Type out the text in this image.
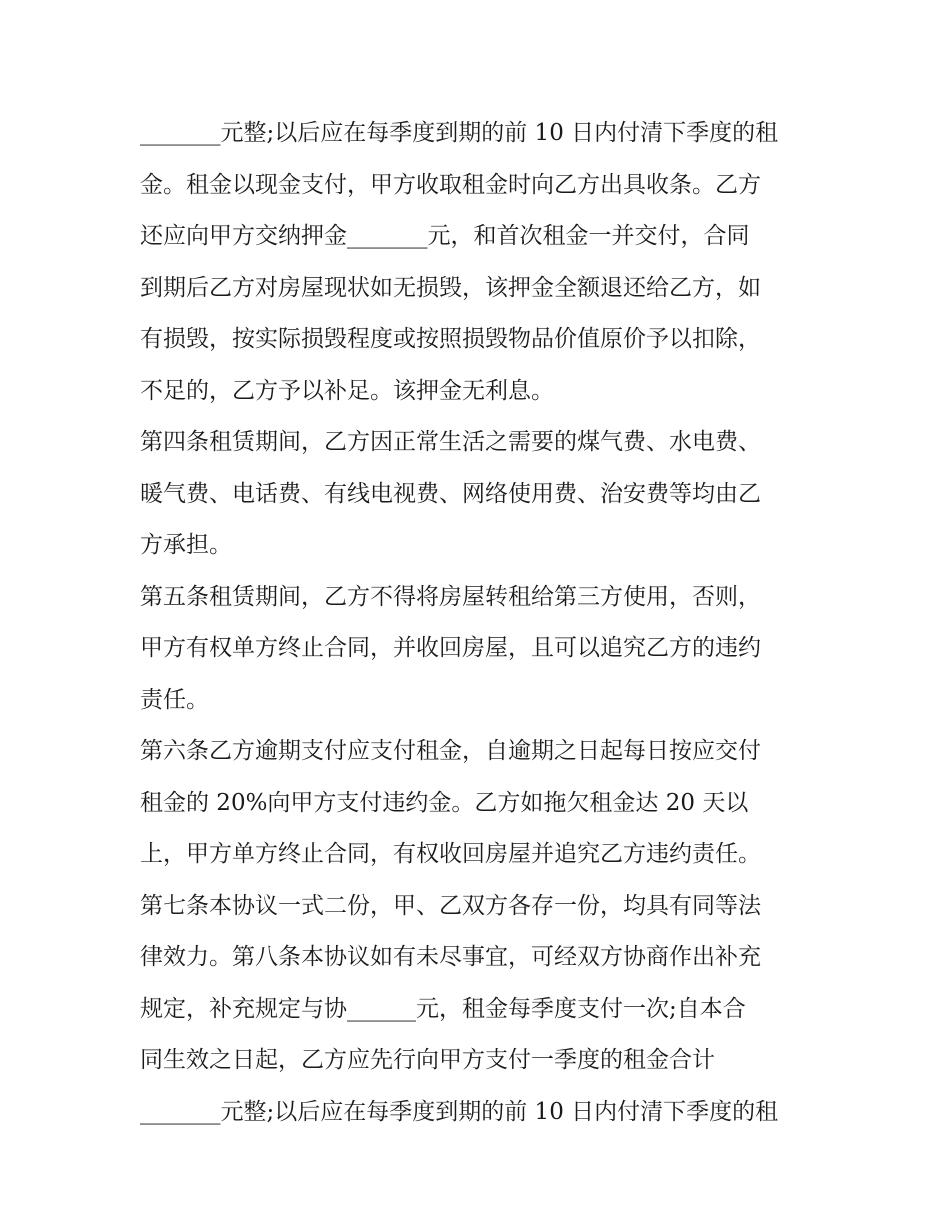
_______元整;以后应在每季度到期的前 10 日内付清下季度的租
金。租金以现金支付，甲方收取租金时向乙方出具收条。乙方
还应向甲方交纳押金_______元，和首次租金一并交付，合同
到期后乙方对房屋现状如无损毁，该押金全额退还给乙方，如
有损毁，按实际损毁程度或按照损毁物品价值原价予以扣除，
不足的，乙方予以补足。该押金无利息。
第四条租赁期间，乙方因正常生活之需要的煤气费、水电费、
暖气费、电话费、有线电视费、网络使用费、治安费等均由乙
方承担。
第五条租赁期间，乙方不得将房屋转租给第三方使用，否则，
甲方有权单方终止合同，并收回房屋，且可以追究乙方的违约
责任。
第六条乙方逾期支付应支付租金，自逾期之日起每日按应交付
租金的 20%向甲方支付违约金。乙方如拖欠租金达 20 天以
上，甲方单方终止合同，有权收回房屋并追究乙方违约责任。
第七条本协议一式二份，甲、乙双方各存一份，均具有同等法
律效力。第八条本协议如有未尽事宜，可经双方协商作出补充
规定，补充规定与协______元，租金每季度支付一次;自本合
同生效之日起，乙方应先行向甲方支付一季度的租金合计
_______元整;以后应在每季度到期的前 10 日内付清下季度的租
